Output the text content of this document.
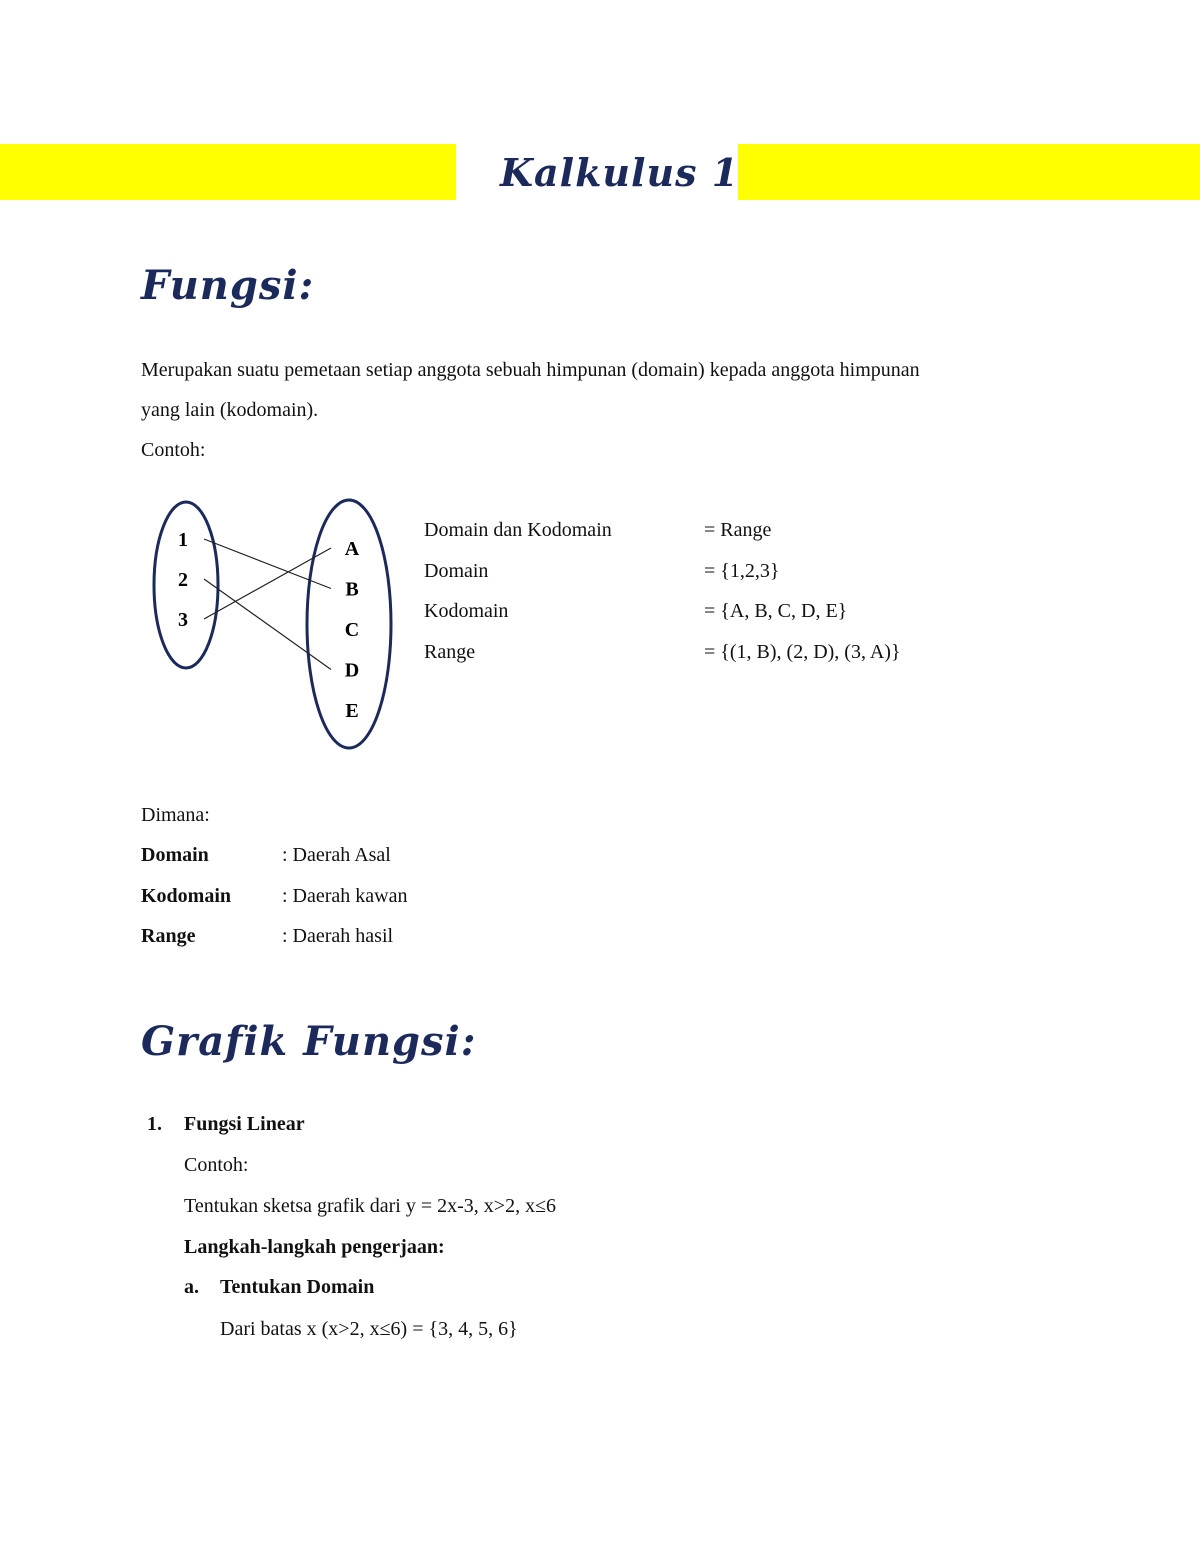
Kalkulus 1
Fungsi:
Merupakan suatu pemetaan setiap anggota sebuah himpunan (domain) kepada anggota himpunan
yang lain (kodomain).
Contoh:
1
2
3
A
B
C
D
E
Domain dan Kodomain	= Range
Domain	= {1,2,3}
Kodomain	= {A, B, C, D, E}
Range	= {(1, B), (2, D), (3, A)}
Dimana:
Domain	: Daerah Asal
Kodomain	: Daerah kawan
Range	: Daerah hasil
Grafik Fungsi:
1. Fungsi Linear
Contoh:
Tentukan sketsa grafik dari y = 2x-3, x>2, x≤6
Langkah-langkah pengerjaan:
a. Tentukan Domain
Dari batas x (x>2, x≤6) = {3, 4, 5, 6}
